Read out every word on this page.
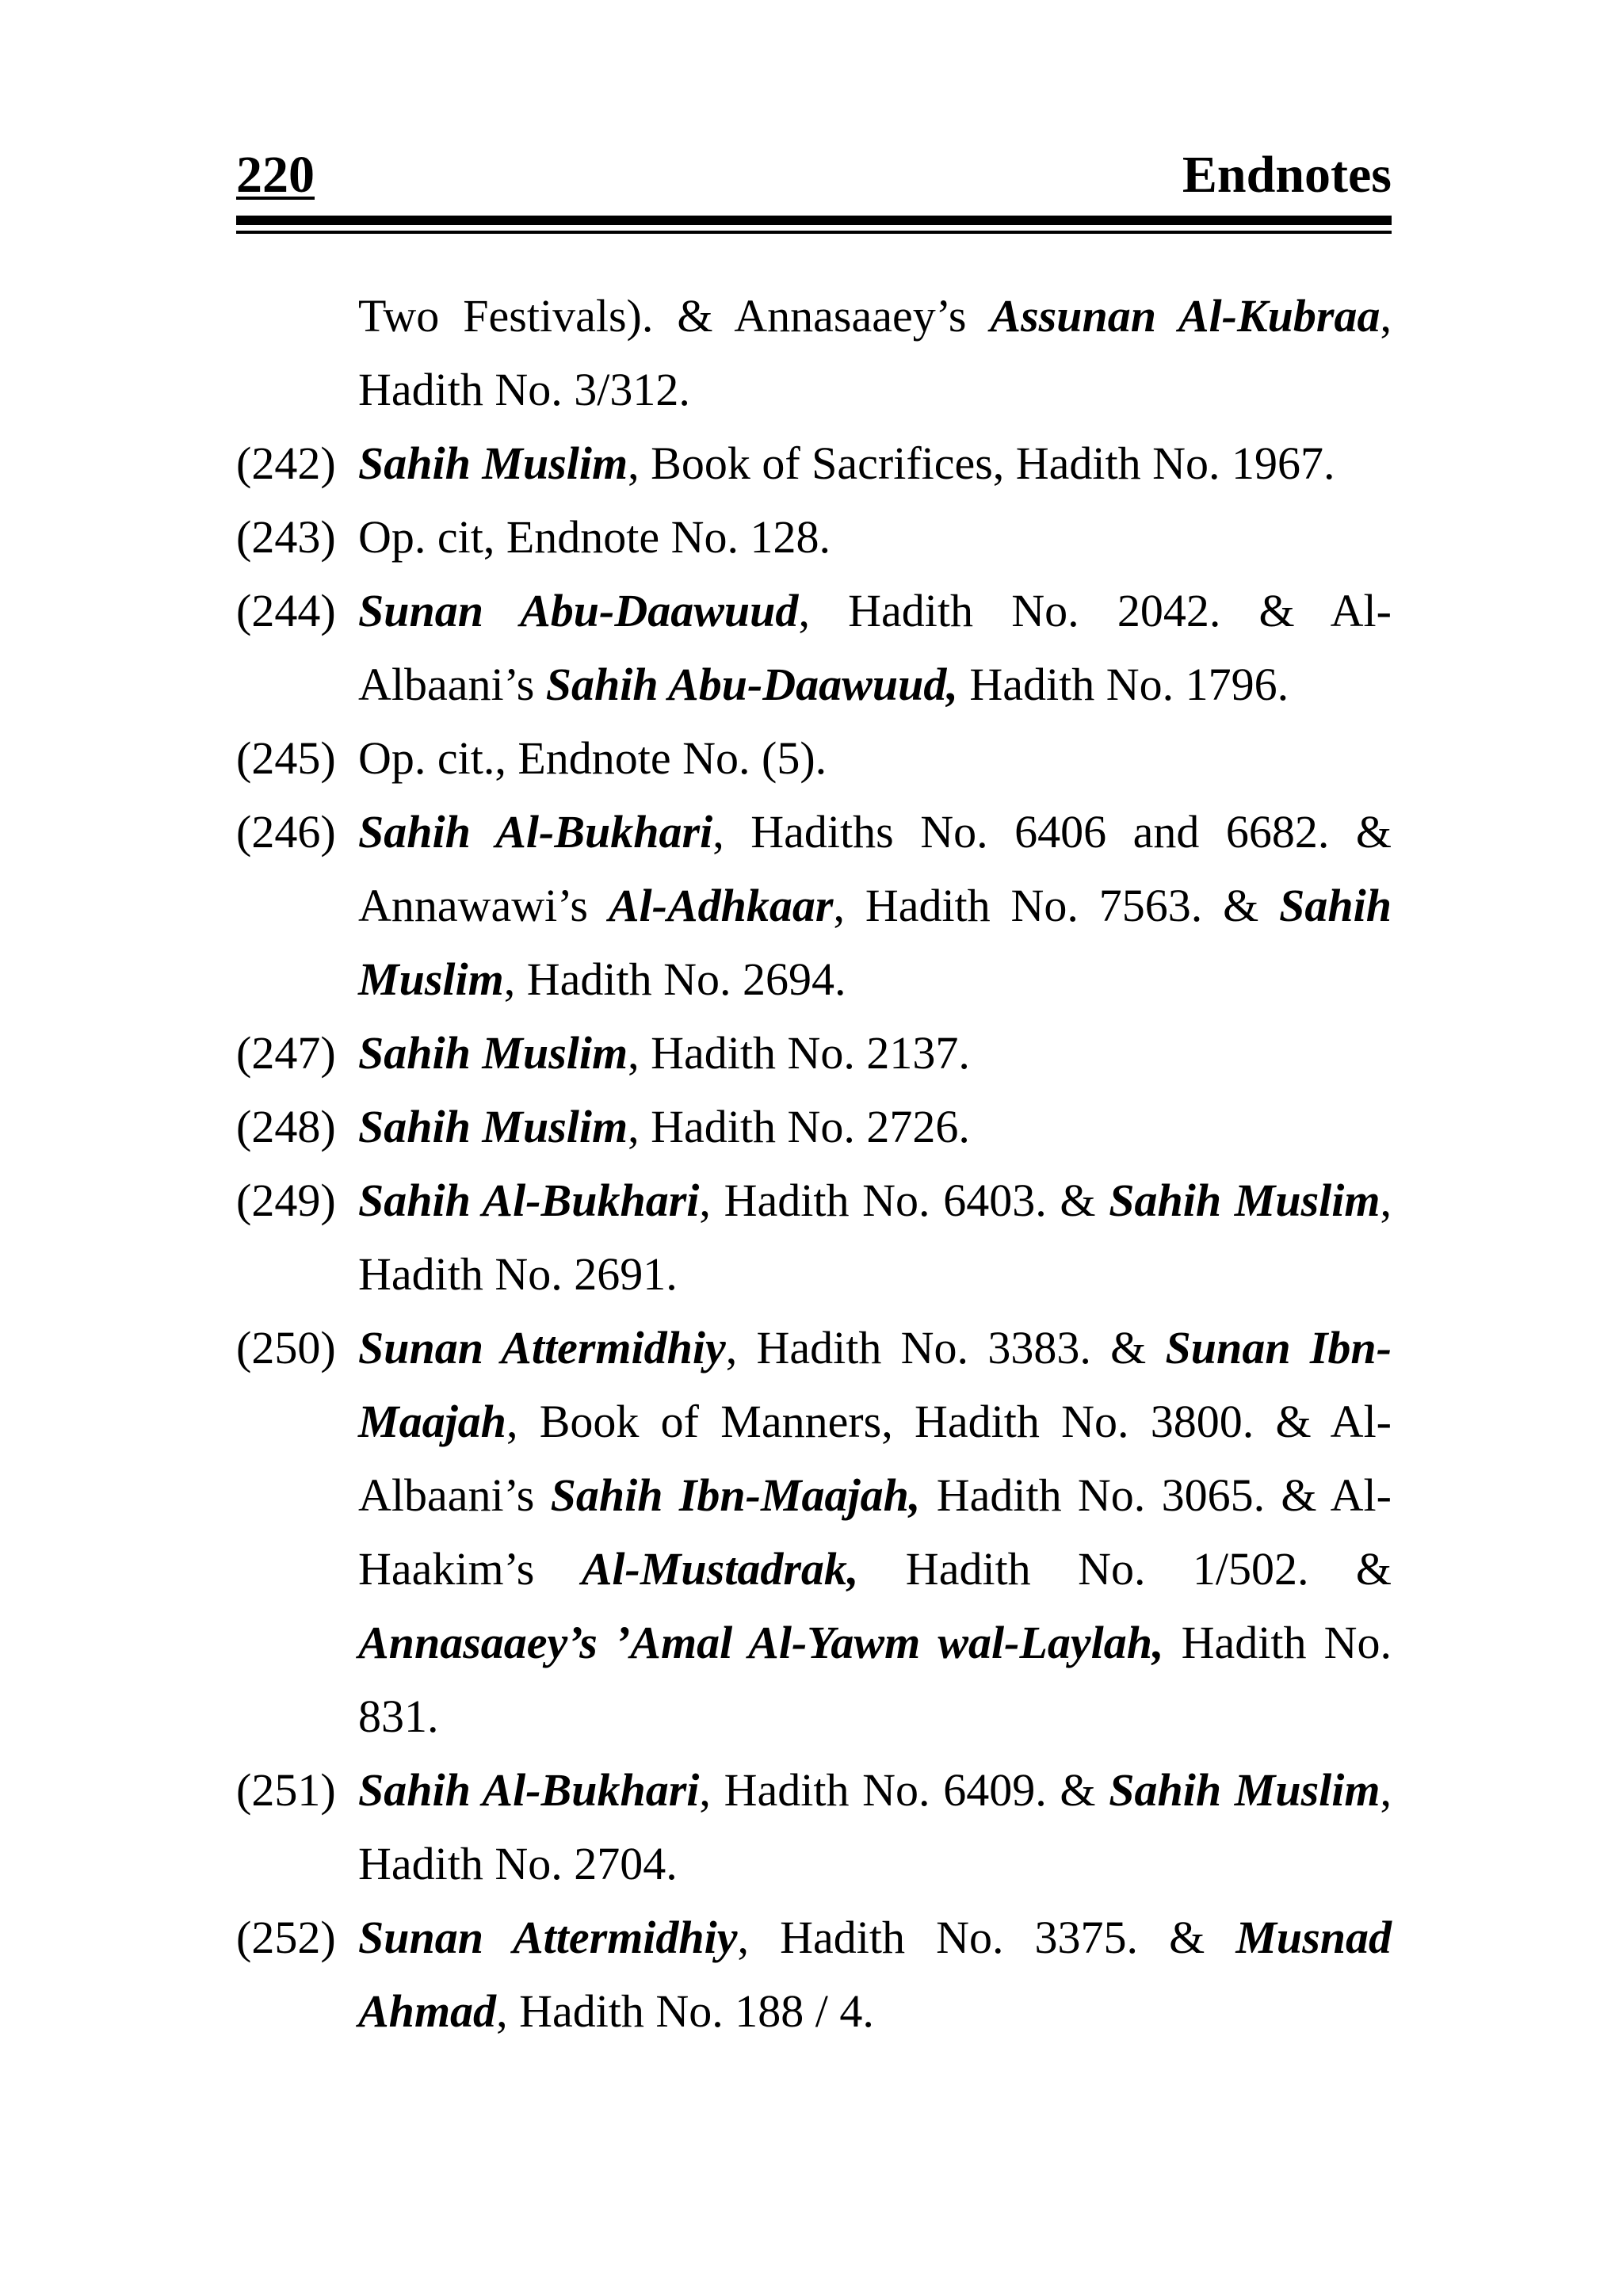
220	Endnotes
Two Festivals). & Annasaaey’s Assunan Al-Kubraa, Hadith No. 3/312.
(242) Sahih Muslim, Book of Sacrifices, Hadith No. 1967.
(243) Op. cit, Endnote No. 128.
(244) Sunan Abu-Daawuud, Hadith No. 2042. & Al-Albaani’s Sahih Abu-Daawuud, Hadith No. 1796.
(245) Op. cit., Endnote No. (5).
(246) Sahih Al-Bukhari, Hadiths No. 6406 and 6682. & Annawawi’s Al-Adhkaar, Hadith No. 7563. & Sahih Muslim, Hadith No. 2694.
(247) Sahih Muslim, Hadith No. 2137.
(248) Sahih Muslim, Hadith No. 2726.
(249) Sahih Al-Bukhari, Hadith No. 6403. & Sahih Muslim, Hadith No. 2691.
(250) Sunan Attermidhiy, Hadith No. 3383. & Sunan Ibn-Maajah, Book of Manners, Hadith No. 3800. & Al-Albaani’s Sahih Ibn-Maajah, Hadith No. 3065. & Al-Haakim’s Al-Mustadrak, Hadith No. 1/502. & Annasaaey’s ’Amal Al-Yawm wal-Laylah, Hadith No. 831.
(251) Sahih Al-Bukhari, Hadith No. 6409. & Sahih Muslim, Hadith No. 2704.
(252) Sunan Attermidhiy, Hadith No. 3375. & Musnad Ahmad, Hadith No. 188 / 4.
